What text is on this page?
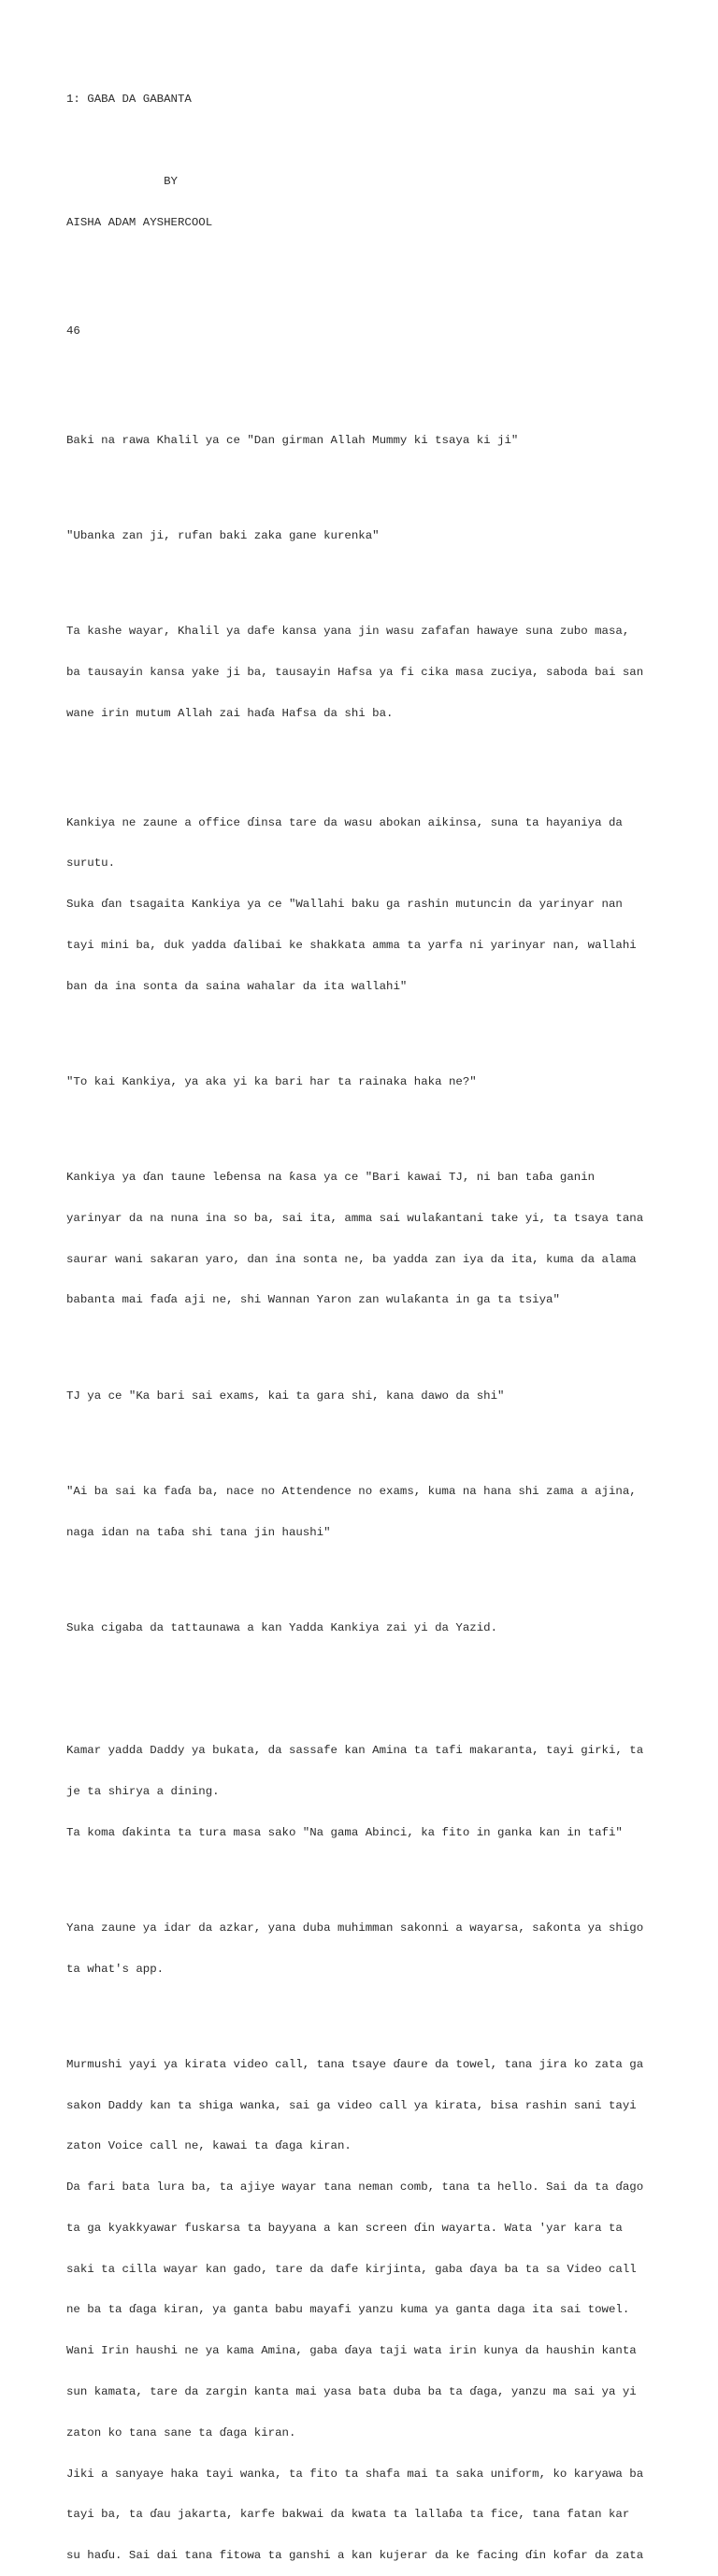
1: GABA DA GABANTA

BY

AISHA ADAM AYSHERCOOL

46

Baki na rawa Khalil ya ce "Dan girman Allah Mummy ki tsaya ki ji"

"Ubanka zan ji, rufan baki zaka gane kurenka"

Ta kashe wayar, Khalil ya dafe kansa yana jin wasu zafafan hawaye suna zubo masa,

ba tausayin kansa yake ji ba, tausayin Hafsa ya fi cika masa zuciya, saboda bai san

wane irin mutum Allah zai haɗa Hafsa da shi ba.

Kankiya ne zaune a office ɗinsa tare da wasu abokan aikinsa, suna ta hayaniya da

surutu.

Suka ɗan tsagaita Kankiya ya ce "Wallahi baku ga rashin mutuncin da yarinyar nan

tayi mini ba, duk yadda ɗalibai ke shakkata amma ta yarfa ni yarinyar nan, wallahi

ban da ina sonta da saina wahalar da ita wallahi"

"To kai Kankiya, ya aka yi ka bari har ta rainaka haka ne?"

Kankiya ya ɗan taune leɓensa na ƙasa ya ce "Bari kawai TJ, ni ban taɓa ganin

yarinyar da na nuna ina so ba, sai ita, amma sai wulaƙantani take yi, ta tsaya tana

saurar wani sakaran yaro, dan ina sonta ne, ba yadda zan iya da ita, kuma da alama

babanta mai faɗa aji ne, shi Wannan Yaron zan wulaƙanta in ga ta tsiya"

TJ ya ce "Ka bari sai exams, kai ta gara shi, kana dawo da shi"

"Ai ba sai ka faɗa ba, nace no Attendence no exams, kuma na hana shi zama a ajina,

naga idan na taɓa shi tana jin haushi"

Suka cigaba da tattaunawa a kan Yadda Kankiya zai yi da Yazid.

Kamar yadda Daddy ya bukata, da sassafe kan Amina ta tafi makaranta, tayi girki, ta

je ta shirya a dining.

Ta koma ɗakinta ta tura masa sako "Na gama Abinci, ka fito in ganka kan in tafi"

Yana zaune ya idar da azkar, yana duba muhimman sakonni a wayarsa, saƙonta ya shigo

ta what's app.

Murmushi yayi ya kirata video call, tana tsaye ɗaure da towel, tana jira ko zata ga

sakon Daddy kan ta shiga wanka, sai ga video call ya kirata, bisa rashin sani tayi

zaton Voice call ne, kawai ta ɗaga kiran.

Da fari bata lura ba, ta ajiye wayar tana neman comb, tana ta hello. Sai da ta ɗago

ta ga kyakkyawar fuskarsa ta bayyana a kan screen ɗin wayarta. Wata 'yar kara ta

saki ta cilla wayar kan gado, tare da dafe kirjinta, gaba ɗaya ba ta sa Video call

ne ba ta ɗaga kiran, ya ganta babu mayafi yanzu kuma ya ganta daga ita sai towel.

Wani Irin haushi ne ya kama Amina, gaba ɗaya taji wata irin kunya da haushin kanta

sun kamata, tare da zargin kanta mai yasa bata duba ba ta ɗaga, yanzu ma sai ya yi

zaton ko tana sane ta ɗaga kiran.

Jiki a sanyaye haka tayi wanka, ta fito ta shafa mai ta saka uniform, ko karyawa ba

tayi ba, ta ɗau jakarta, karfe bakwai da kwata ta lallaɓa ta fice, tana fatan kar

su haɗu. Sai dai tana fitowa ta ganshi a kan kujerar da ke facing ɗin kofar da zata
